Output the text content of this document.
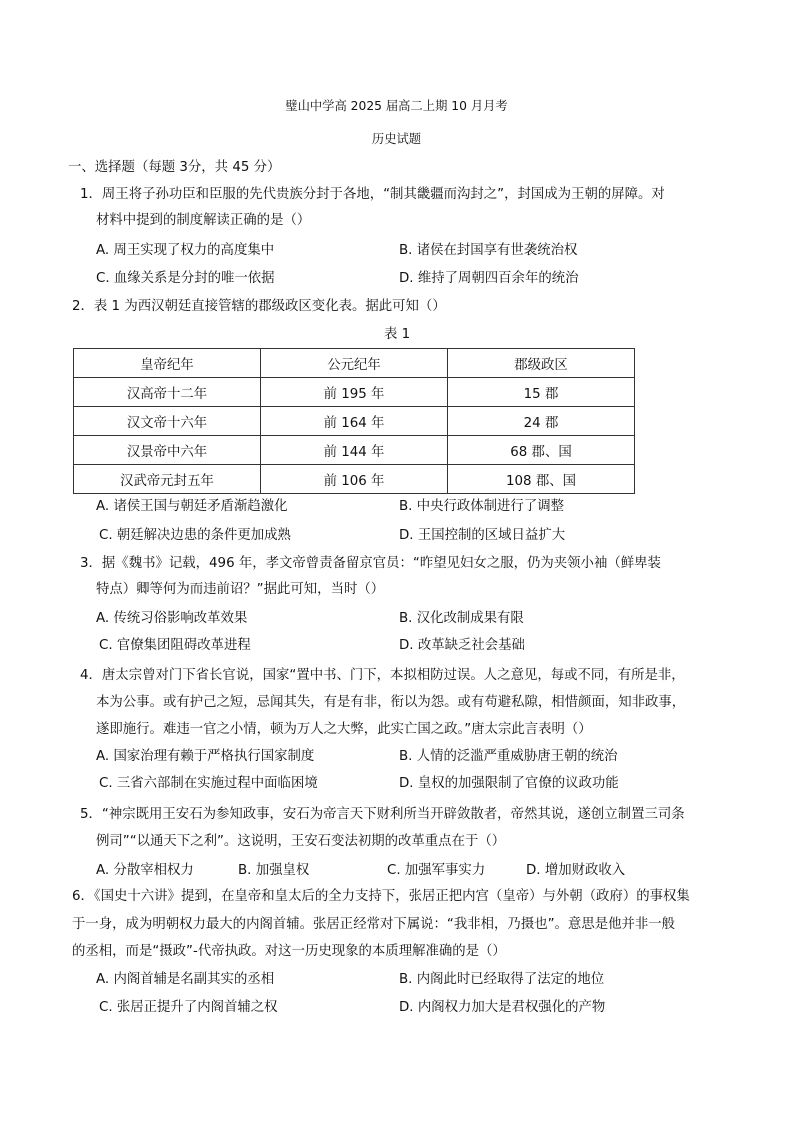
璧山中学高 2025 届高二上期 10 月月考
历史试题
一、选择题（每题 3分，共 45 分）
1．周王将子孙功臣和臣服的先代贵族分封于各地，“制其畿疆而沟封之”，封国成为王朝的屏障。对
材料中提到的制度解读正确的是（）
A. 周王实现了权力的高度集中	B. 诸侯在封国享有世袭统治权
C. 血缘关系是分封的唯一依据	D. 维持了周朝四百余年的统治
2．表 1 为西汉朝廷直接管辖的郡级政区变化表。据此可知（）
表 1
皇帝纪年	公元纪年	郡级政区
汉高帝十二年	前 195 年	15 郡
汉文帝十六年	前 164 年	24 郡
汉景帝中六年	前 144 年	68 郡、国
汉武帝元封五年	前 106 年	108 郡、国
A. 诸侯王国与朝廷矛盾渐趋激化	B. 中央行政体制进行了调整
C. 朝廷解决边患的条件更加成熟	D. 王国控制的区域日益扩大
3．据《魏书》记载，496 年，孝文帝曾责备留京官员：“昨望见妇女之服，仍为夹领小袖（鲜卑装
特点）卿等何为而违前诏？”据此可知，当时（）
A. 传统习俗影响改革效果	B. 汉化改制成果有限
C. 官僚集团阻碍改革进程	D. 改革缺乏社会基础
4．唐太宗曾对门下省长官说，国家“置中书、门下，本拟相防过误。人之意见，每或不同，有所是非，
本为公事。或有护己之短，忌闻其失，有是有非，衔以为怨。或有苟避私隙，相惜颜面，知非政事，
遂即施行。难违一官之小情，顿为万人之大弊，此实亡国之政。”唐太宗此言表明（）
A. 国家治理有赖于严格执行国家制度	B. 人情的泛滥严重威胁唐王朝的统治
C. 三省六部制在实施过程中面临困境	D. 皇权的加强限制了官僚的议政功能
5．“神宗既用王安石为参知政事，安石为帝言天下财利所当开辟敛散者，帝然其说，遂创立制置三司条
例司”“以通天下之利”。这说明，王安石变法初期的改革重点在于（）
A. 分散宰相权力	B. 加强皇权	C. 加强军事实力	D. 增加财政收入
6．《国史十六讲》提到，在皇帝和皇太后的全力支持下，张居正把内宫（皇帝）与外朝（政府）的事权集
于一身，成为明朝权力最大的内阁首辅。张居正经常对下属说：“我非相，乃摄也”。意思是他并非一般
的丞相，而是“摄政”-代帝执政。对这一历史现象的本质理解准确的是（）
A. 内阁首辅是名副其实的丞相	B. 内阁此时已经取得了法定的地位
C. 张居正提升了内阁首辅之权	D. 内阁权力加大是君权强化的产物
